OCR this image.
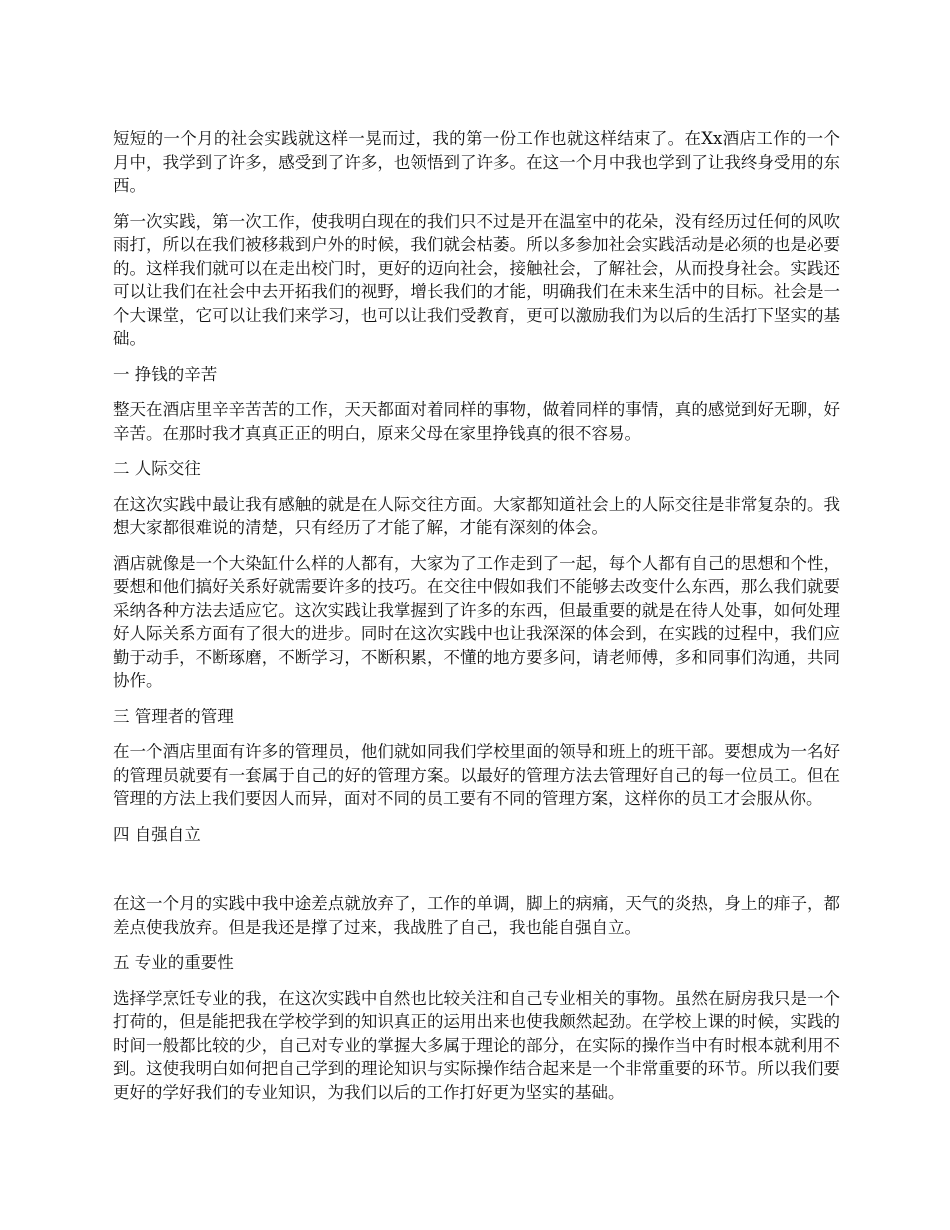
短短的一个月的社会实践就这样一晃而过，我的第一份工作也就这样结束了。在Xx酒店工作的一个月中，我学到了许多，感受到了许多，也领悟到了许多。在这一个月中我也学到了让我终身受用的东西。

第一次实践，第一次工作，使我明白现在的我们只不过是开在温室中的花朵，没有经历过任何的风吹雨打，所以在我们被移栽到户外的时候，我们就会枯萎。所以多参加社会实践活动是必须的也是必要的。这样我们就可以在走出校门时，更好的迈向社会，接触社会，了解社会，从而投身社会。实践还可以让我们在社会中去开拓我们的视野，增长我们的才能，明确我们在未来生活中的目标。社会是一个大课堂，它可以让我们来学习，也可以让我们受教育，更可以激励我们为以后的生活打下坚实的基础。

一 挣钱的辛苦

整天在酒店里辛辛苦苦的工作，天天都面对着同样的事物，做着同样的事情，真的感觉到好无聊，好辛苦。在那时我才真真正正的明白，原来父母在家里挣钱真的很不容易。

二 人际交往

在这次实践中最让我有感触的就是在人际交往方面。大家都知道社会上的人际交往是非常复杂的。我想大家都很难说的清楚，只有经历了才能了解，才能有深刻的体会。

酒店就像是一个大染缸什么样的人都有，大家为了工作走到了一起，每个人都有自己的思想和个性，要想和他们搞好关系好就需要许多的技巧。在交往中假如我们不能够去改变什么东西，那么我们就要采纳各种方法去适应它。这次实践让我掌握到了许多的东西，但最重要的就是在待人处事，如何处理好人际关系方面有了很大的进步。同时在这次实践中也让我深深的体会到，在实践的过程中，我们应勤于动手，不断琢磨，不断学习，不断积累，不懂的地方要多问，请老师傅，多和同事们沟通，共同协作。

三 管理者的管理

在一个酒店里面有许多的管理员，他们就如同我们学校里面的领导和班上的班干部。要想成为一名好的管理员就要有一套属于自己的好的管理方案。以最好的管理方法去管理好自己的每一位员工。但在管理的方法上我们要因人而异，面对不同的员工要有不同的管理方案，这样你的员工才会服从你。

四 自强自立

在这一个月的实践中我中途差点就放弃了，工作的单调，脚上的病痛，天气的炎热，身上的痱子，都差点使我放弃。但是我还是撑了过来，我战胜了自己，我也能自强自立。

五 专业的重要性

选择学烹饪专业的我，在这次实践中自然也比较关注和自己专业相关的事物。虽然在厨房我只是一个打荷的，但是能把我在学校学到的知识真正的运用出来也使我颇然起劲。在学校上课的时候，实践的时间一般都比较的少，自己对专业的掌握大多属于理论的部分，在实际的操作当中有时根本就利用不到。这使我明白如何把自己学到的理论知识与实际操作结合起来是一个非常重要的环节。所以我们要更好的学好我们的专业知识，为我们以后的工作打好更为坚实的基础。
